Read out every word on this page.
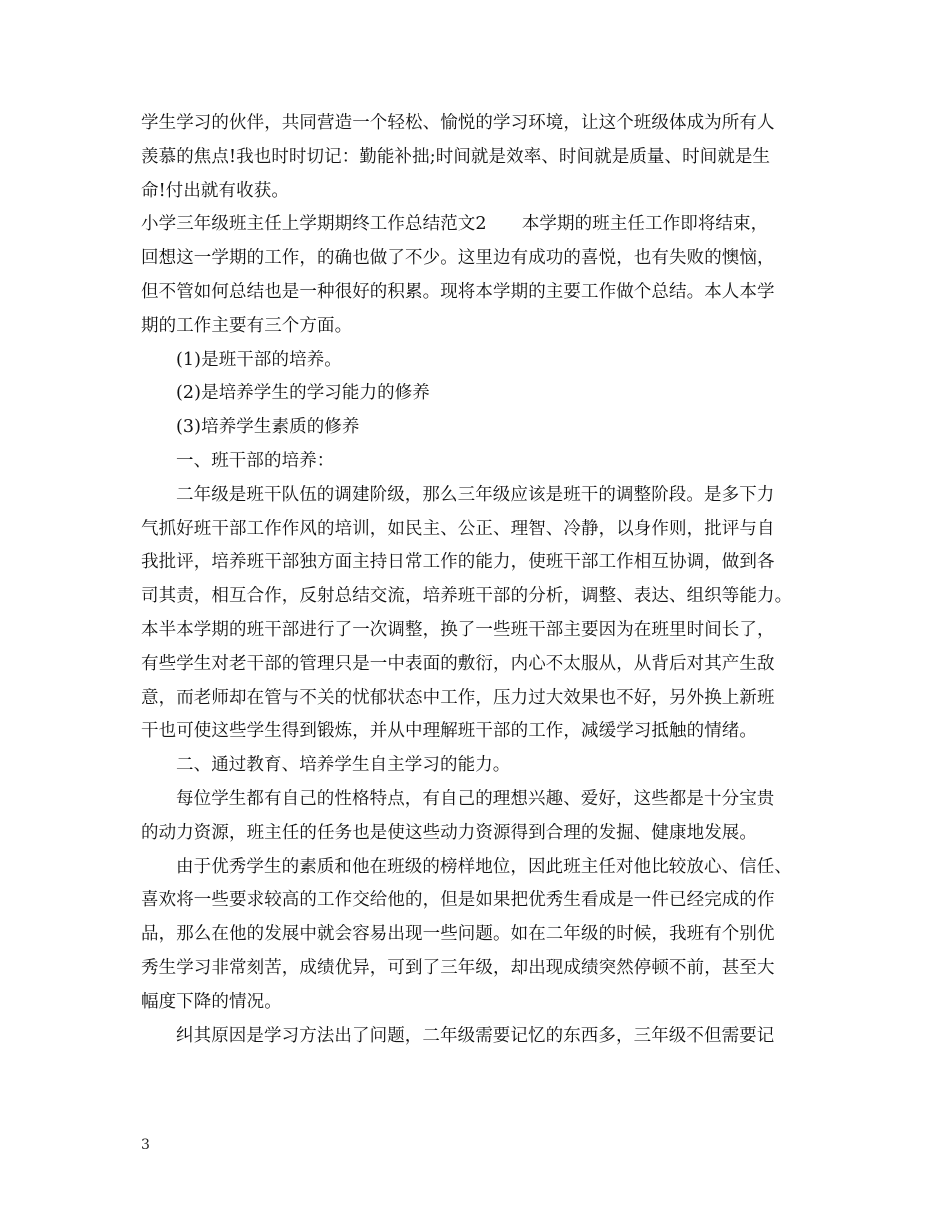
学生学习的伙伴，共同营造一个轻松、愉悦的学习环境，让这个班级体成为所有人
羡慕的焦点!我也时时切记：勤能补拙;时间就是效率、时间就是质量、时间就是生
命!付出就有收获。
小学三年级班主任上学期期终工作总结范文2　　本学期的班主任工作即将结束，
回想这一学期的工作，的确也做了不少。这里边有成功的喜悦，也有失败的懊恼，
但不管如何总结也是一种很好的积累。现将本学期的主要工作做个总结。本人本学
期的工作主要有三个方面。
(1)是班干部的培养。
(2)是培养学生的学习能力的修养
(3)培养学生素质的修养
一、班干部的培养：
二年级是班干队伍的调建阶级，那么三年级应该是班干的调整阶段。是多下力
气抓好班干部工作作风的培训，如民主、公正、理智、冷静，以身作则，批评与自
我批评，培养班干部独方面主持日常工作的能力，使班干部工作相互协调，做到各
司其责，相互合作，反射总结交流，培养班干部的分析，调整、表达、组织等能力。
本半本学期的班干部进行了一次调整，换了一些班干部主要因为在班里时间长了，
有些学生对老干部的管理只是一中表面的敷衍，内心不太服从，从背后对其产生敌
意，而老师却在管与不关的忧郁状态中工作，压力过大效果也不好，另外换上新班
干也可使这些学生得到锻炼，并从中理解班干部的工作，减缓学习抵触的情绪。
二、通过教育、培养学生自主学习的能力。
每位学生都有自己的性格特点，有自己的理想兴趣、爱好，这些都是十分宝贵
的动力资源，班主任的任务也是使这些动力资源得到合理的发掘、健康地发展。
由于优秀学生的素质和他在班级的榜样地位，因此班主任对他比较放心、信任、
喜欢将一些要求较高的工作交给他的，但是如果把优秀生看成是一件已经完成的作
品，那么在他的发展中就会容易出现一些问题。如在二年级的时候，我班有个别优
秀生学习非常刻苦，成绩优异，可到了三年级，却出现成绩突然停顿不前，甚至大
幅度下降的情况。
纠其原因是学习方法出了问题，二年级需要记忆的东西多，三年级不但需要记
3
